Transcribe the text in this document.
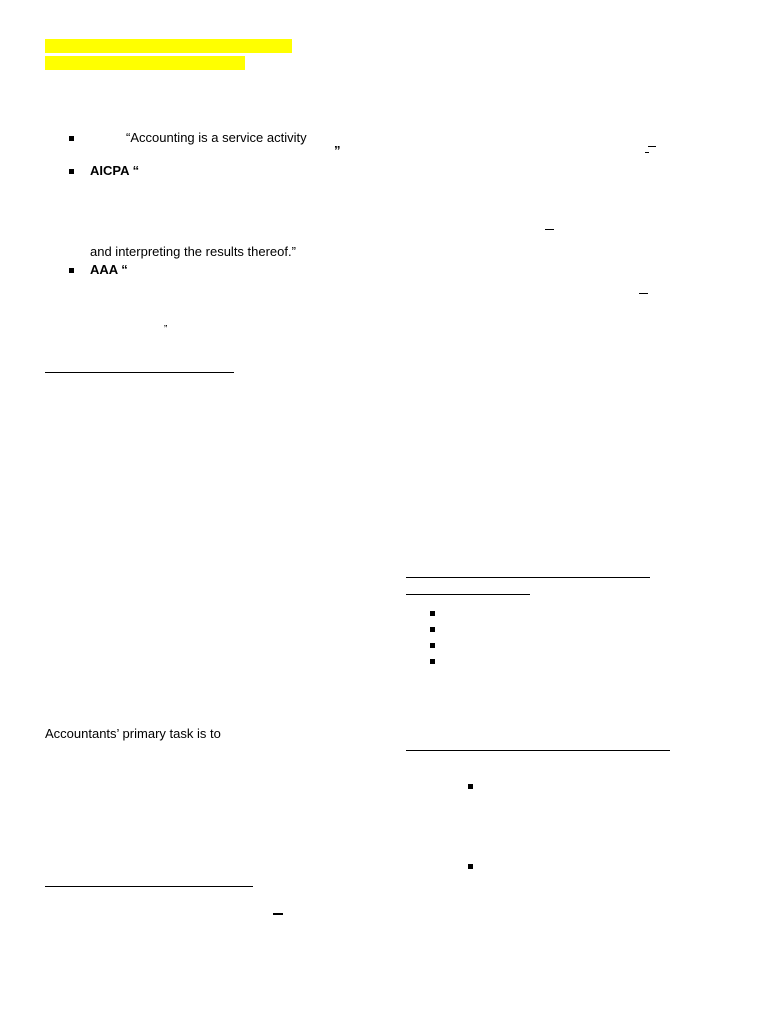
“Accounting is a service activity
”
AICPA “
and interpreting the results thereof.”
AAA “
”
Accountants’ primary task is to
